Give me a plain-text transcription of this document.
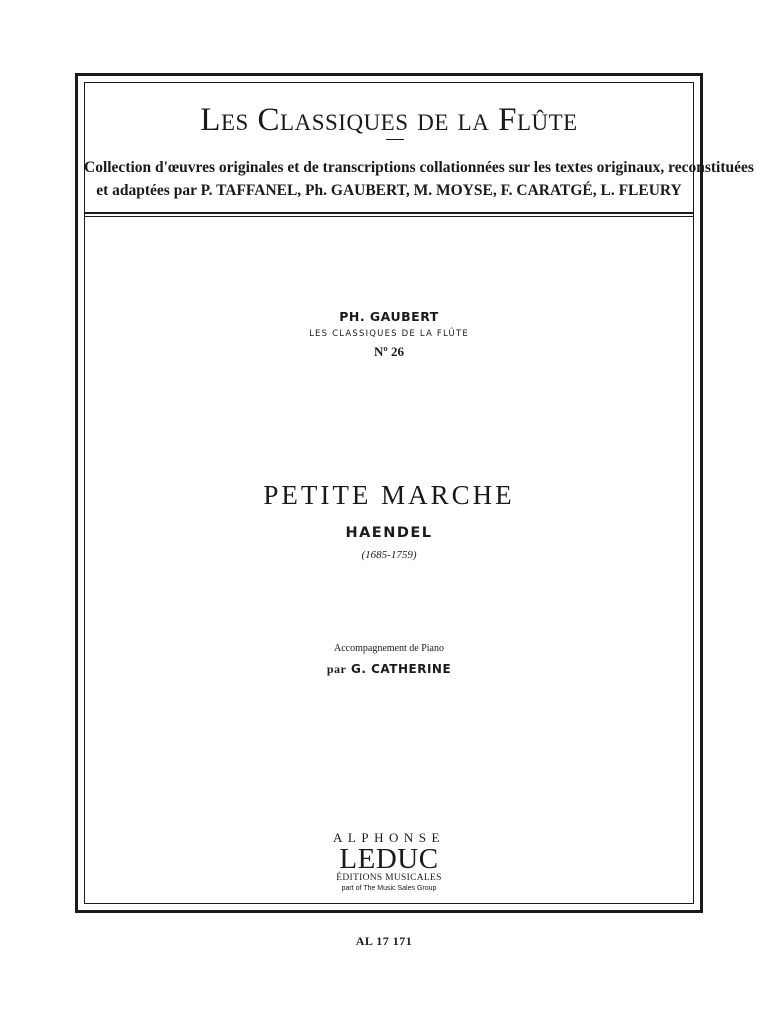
Les Classiques de la Flûte
Collection d'œuvres originales et de transcriptions collationnées sur les textes originaux, reconstituées
et adaptées par P. TAFFANEL, Ph. GAUBERT, M. MOYSE, F. CARATGÉ, L. FLEURY
PH. GAUBERT
LES CLASSIQUES DE LA FLÛTE
Nº 26
PETITE MARCHE
HAENDEL
(1685-1759)
Accompagnement de Piano
par G. CATHERINE
ALPHONSE
LEDUC
ÉDITIONS MUSICALES
part of The Music Sales Group
AL 17 171
